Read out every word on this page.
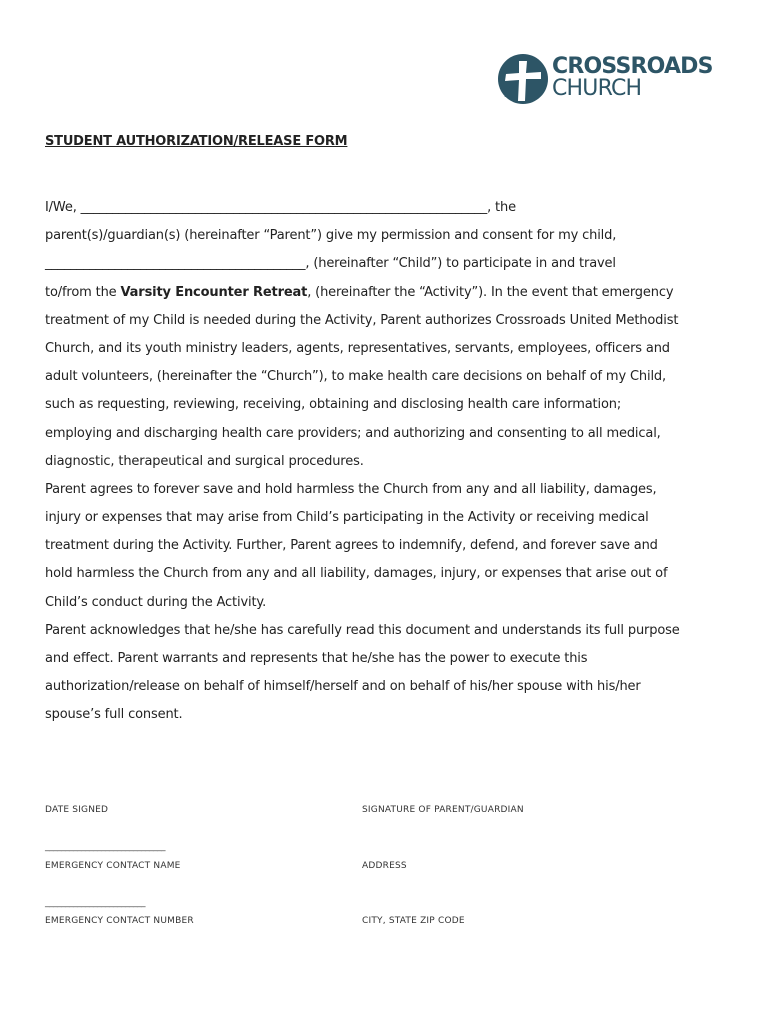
CROSSROADS
CHURCH
STUDENT AUTHORIZATION/RELEASE FORM
I/We, ________________________________________________________________, the
parent(s)/guardian(s) (hereinafter “Parent”) give my permission and consent for my child,
_________________________________________, (hereinafter “Child”) to participate in and travel
to/from the Varsity Encounter Retreat, (hereinafter the “Activity”). In the event that emergency
treatment of my Child is needed during the Activity, Parent authorizes Crossroads United Methodist
Church, and its youth ministry leaders, agents, representatives, servants, employees, officers and
adult volunteers, (hereinafter the “Church”), to make health care decisions on behalf of my Child,
such as requesting, reviewing, receiving, obtaining and disclosing health care information;
employing and discharging health care providers; and authorizing and consenting to all medical,
diagnostic, therapeutical and surgical procedures.
Parent agrees to forever save and hold harmless the Church from any and all liability, damages,
injury or expenses that may arise from Child’s participating in the Activity or receiving medical
treatment during the Activity. Further, Parent agrees to indemnify, defend, and forever save and
hold harmless the Church from any and all liability, damages, injury, or expenses that arise out of
Child’s conduct during the Activity.
Parent acknowledges that he/she has carefully read this document and understands its full purpose
and effect. Parent warrants and represents that he/she has the power to execute this
authorization/release on behalf of himself/herself and on behalf of his/her spouse with his/her
spouse’s full consent.
DATE SIGNED	SIGNATURE OF PARENT/GUARDIAN
______________________________
EMERGENCY CONTACT NAME	ADDRESS
_________________________
EMERGENCY CONTACT NUMBER	CITY, STATE ZIP CODE
